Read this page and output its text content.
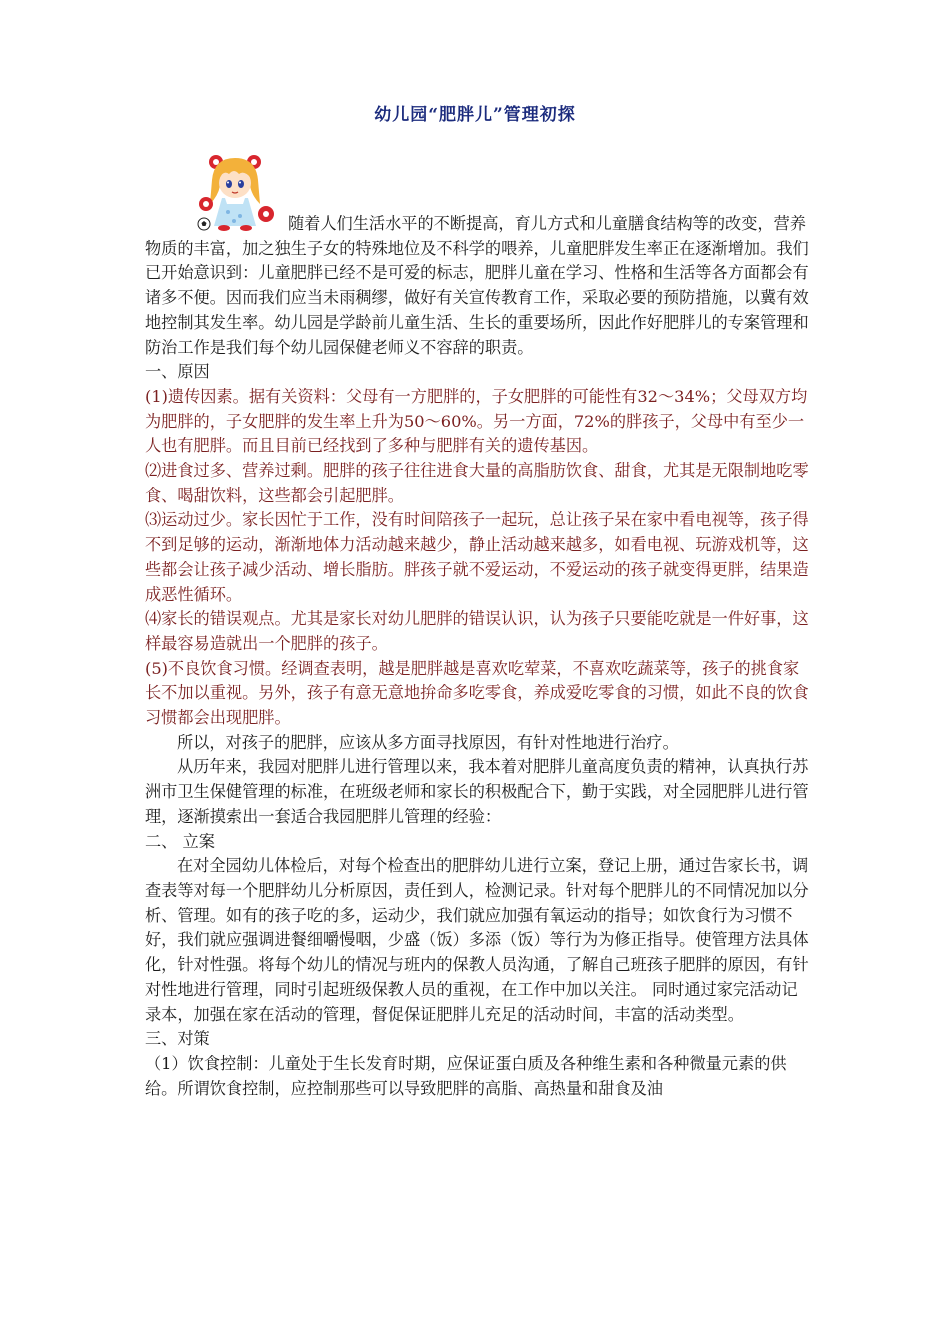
幼儿园“肥胖儿”管理初探

随着人们生活水平的不断提高，育儿方式和儿童膳食结构等的改变，营养物质的丰富，加之独生子女的特殊地位及不科学的喂养，儿童肥胖发生率正在逐渐增加。我们已开始意识到：儿童肥胖已经不是可爱的标志，肥胖儿童在学习、性格和生活等各方面都会有诸多不便。因而我们应当未雨稠缪，做好有关宣传教育工作，采取必要的预防措施，以冀有效地控制其发生率。幼儿园是学龄前儿童生活、生长的重要场所，因此作好肥胖儿的专案管理和防治工作是我们每个幼儿园保健老师义不容辞的职责。

一、原因

(1)遗传因素。据有关资料：父母有一方肥胖的，子女肥胖的可能性有32～34%；父母双方均为肥胖的，子女肥胖的发生率上升为50～60%。另一方面，72%的胖孩子，父母中有至少一人也有肥胖。而且目前已经找到了多种与肥胖有关的遗传基因。

⑵进食过多、营养过剩。肥胖的孩子往往进食大量的高脂肪饮食、甜食，尤其是无限制地吃零食、喝甜饮料，这些都会引起肥胖。

⑶运动过少。家长因忙于工作，没有时间陪孩子一起玩，总让孩子呆在家中看电视等，孩子得不到足够的运动，渐渐地体力活动越来越少，静止活动越来越多，如看电视、玩游戏机等，这些都会让孩子减少活动、增长脂肪。胖孩子就不爱运动，不爱运动的孩子就变得更胖，结果造成恶性循环。

⑷家长的错误观点。尤其是家长对幼儿肥胖的错误认识，认为孩子只要能吃就是一件好事，这样最容易造就出一个肥胖的孩子。

(5)不良饮食习惯。经调查表明，越是肥胖越是喜欢吃荤菜，不喜欢吃蔬菜等，孩子的挑食家长不加以重视。另外，孩子有意无意地拚命多吃零食，养成爱吃零食的习惯，如此不良的饮食习惯都会出现肥胖。

所以，对孩子的肥胖，应该从多方面寻找原因，有针对性地进行治疗。

从历年来，我园对肥胖儿进行管理以来，我本着对肥胖儿童高度负责的精神，认真执行苏洲市卫生保健管理的标准，在班级老师和家长的积极配合下，勤于实践，对全园肥胖儿进行管理，逐渐摸索出一套适合我园肥胖儿管理的经验：

二、 立案

在对全园幼儿体检后，对每个检查出的肥胖幼儿进行立案，登记上册，通过告家长书，调查表等对每一个肥胖幼儿分析原因，责任到人，检测记录。针对每个肥胖儿的不同情况加以分析、管理。如有的孩子吃的多，运动少，我们就应加强有氧运动的指导；如饮食行为习惯不好，我们就应强调进餐细嚼慢咽，少盛（饭）多添（饭）等行为为修正指导。使管理方法具体化，针对性强。将每个幼儿的情况与班内的保教人员沟通，了解自己班孩子肥胖的原因，有针对性地进行管理，同时引起班级保教人员的重视，在工作中加以关注。 同时通过家完活动记录本，加强在家在活动的管理，督促保证肥胖儿充足的活动时间，丰富的活动类型。

三、对策

（1）饮食控制：儿童处于生长发育时期，应保证蛋白质及各种维生素和各种微量元素的供给。所谓饮食控制，应控制那些可以导致肥胖的高脂、高热量和甜食及油
